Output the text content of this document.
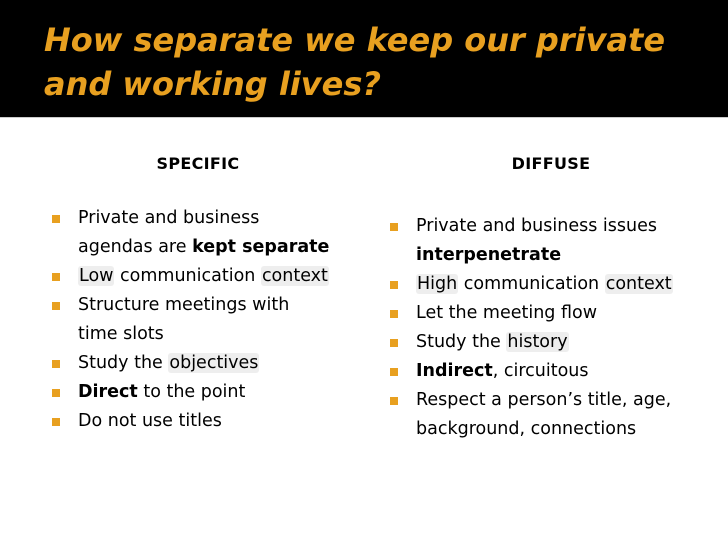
How separate we keep our private
and working lives?
SPECIFIC
Private and business
agendas are kept separate
Low communication context
Structure meetings with
time slots
Study the objectives
Direct to the point
Do not use titles
DIFFUSE
Private and business issues
interpenetrate
High communication context
Let the meeting flow
Study the history
Indirect, circuitous
Respect a person’s title, age,
background, connections
